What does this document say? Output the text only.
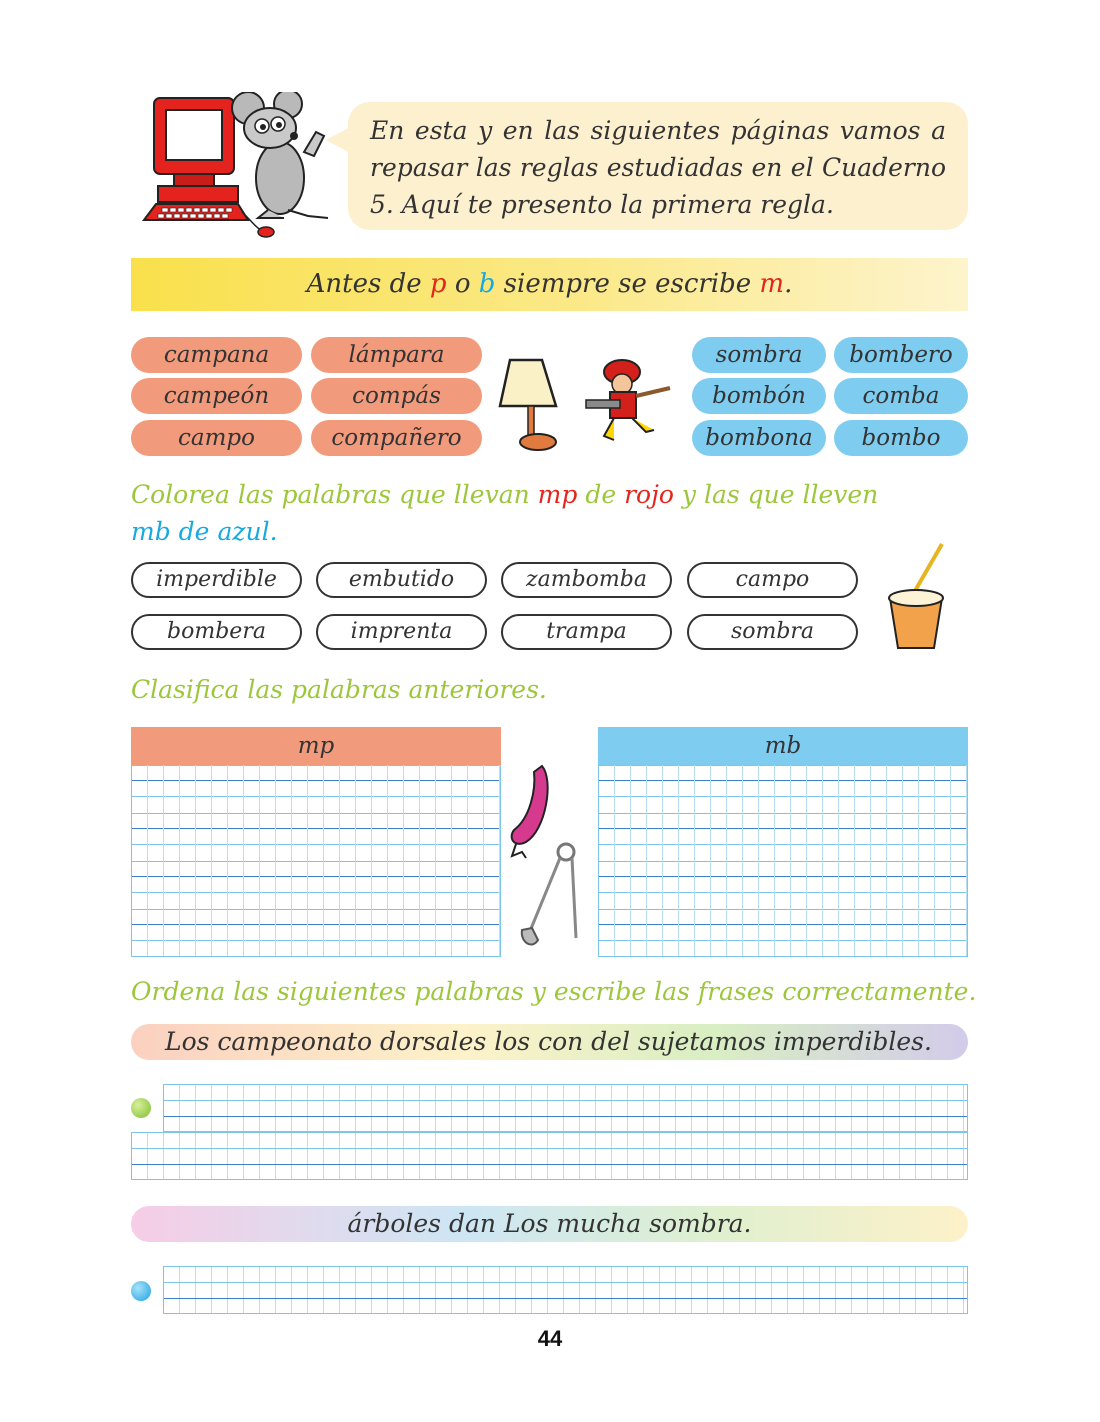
En esta y en las siguientes páginas vamos a repasar las reglas estudiadas en el Cuaderno 5. Aquí te presento la primera regla.
Antes de p o b siempre se escribe m.
campana	lámpara
campeón	compás
campo	compañero
sombra	bombero
bombón	comba
bombona	bombo
Colorea las palabras que llevan mp de rojo y las que lleven
mb de azul.
imperdible	embutido	zambomba	campo
bombera	imprenta	trampa	sombra
Clasifica las palabras anteriores.
mp	mb
Ordena las siguientes palabras y escribe las frases correctamente.
Los campeonato dorsales los con del sujetamos imperdibles.
árboles dan Los mucha sombra.
44
